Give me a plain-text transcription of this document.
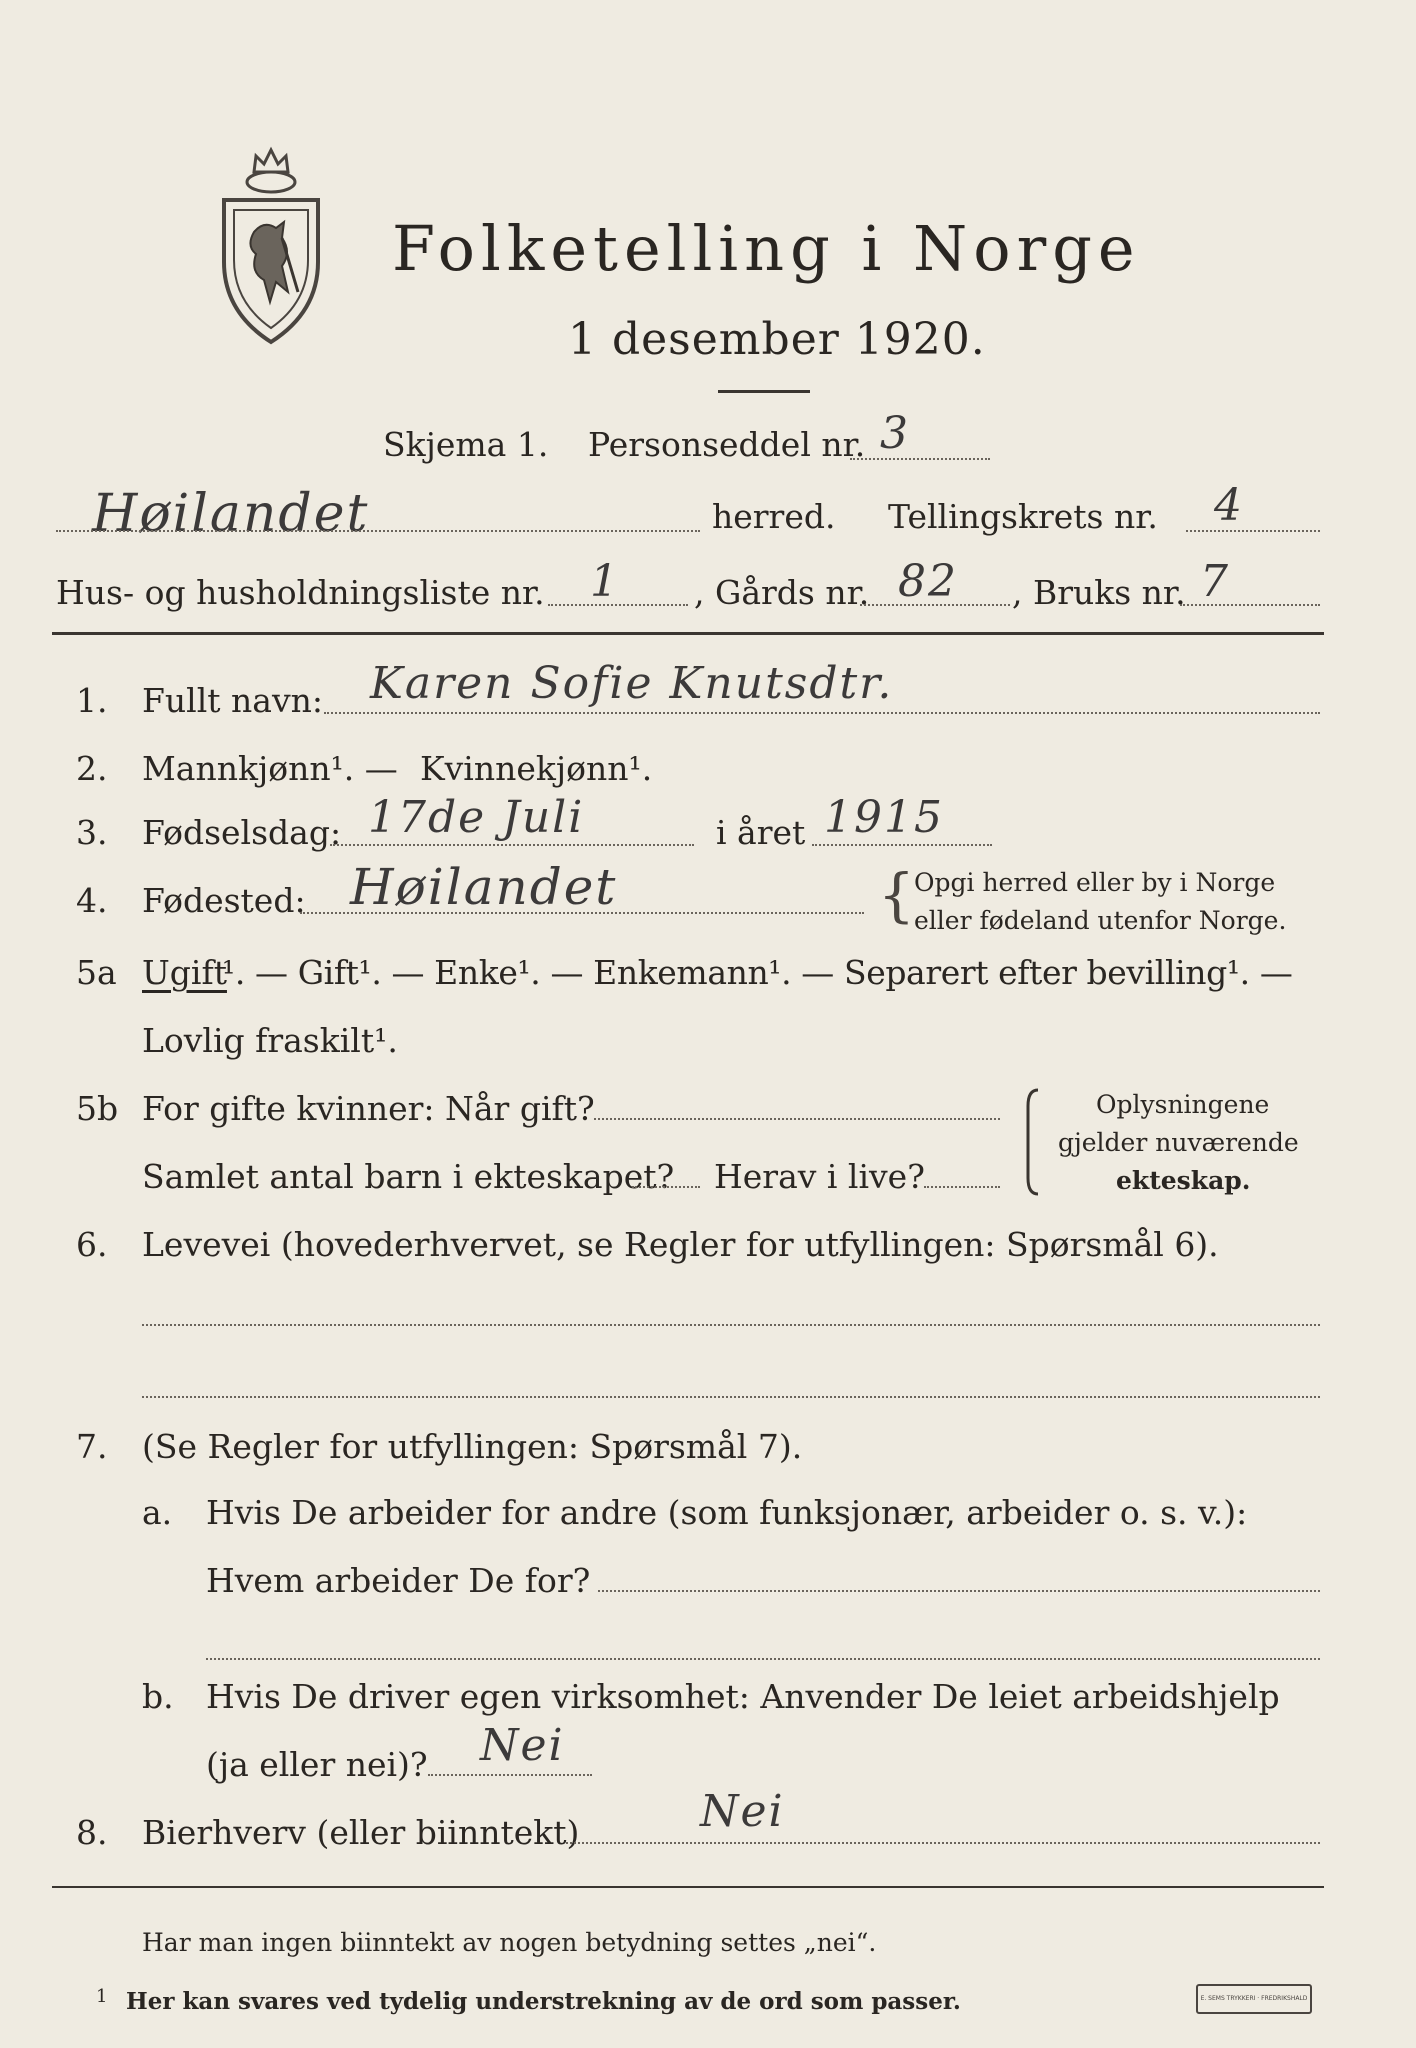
Folketelling i Norge
1 desember 1920.
Skjema 1. Personseddel nr. 3
Høilandet	herred. Tellingskrets nr. 4
Hus- og husholdningsliste nr. 1 , Gårds nr. 82 , Bruks nr. 7
1. Fullt navn: Karen Sofie Knutsdtr.
2. Mannkjønn¹. — Kvinnekjønn¹.
3. Fødselsdag: 17de Juli	i året 1915
4. Fødested: Høilandet	{ Opgi herred eller by i Norge
eller fødeland utenfor Norge.
5a Ugift
¹. — Gift¹. — Enke¹. — Enkemann¹. — Separert efter bevilling¹. —
Lovlig fraskilt¹.
5b For gifte kvinner: Når gift?
Samlet antal barn i ekteskapet? Herav i live?
Oplysningene
gjelder nuværende
ekteskap.
6. Levevei (hovederhvervet, se Regler for utfyllingen: Spørsmål 6).
7. (Se Regler for utfyllingen: Spørsmål 7).
a. Hvis De arbeider for andre (som funksjonær, arbeider o. s. v.):
Hvem arbeider De for?
b. Hvis De driver egen virksomhet: Anvender De leiet arbeidshjelp
(ja eller nei)? Nei
8. Bierhverv (eller biinntekt)	Nei
Har man ingen biinntekt av nogen betydning settes „nei“.
1 Her kan svares ved tydelig understrekning av de ord som passer.	E. SEMS TRYKKERI · FREDRIKSHALD
